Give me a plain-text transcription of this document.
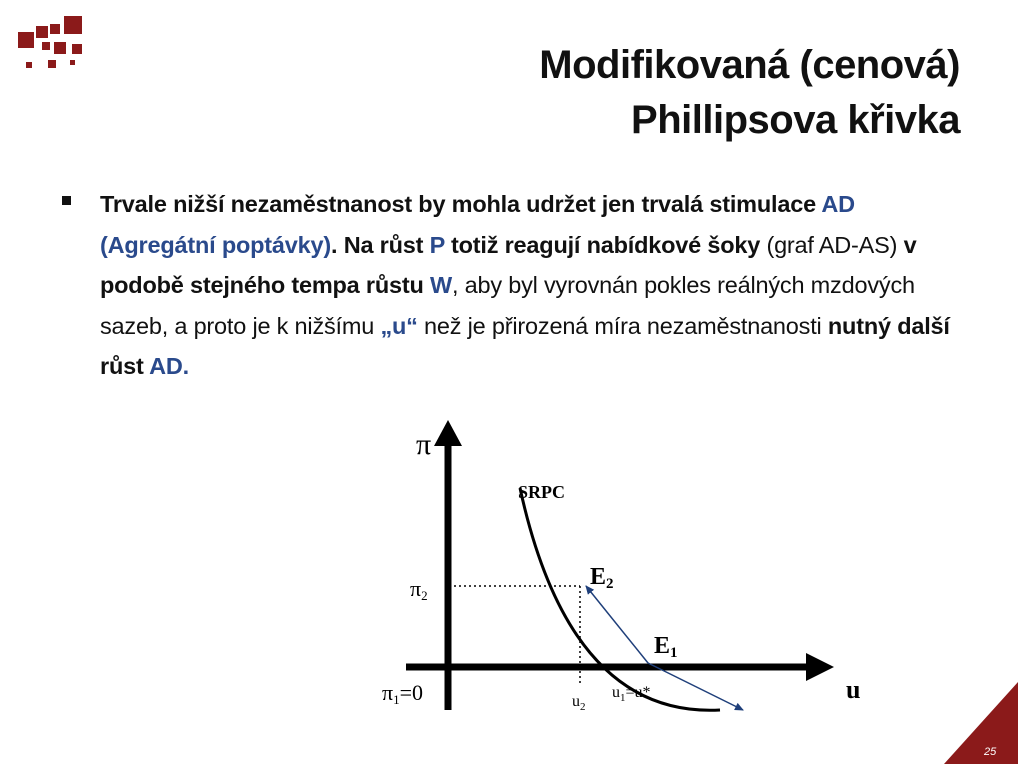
Modifikovaná (cenová)
Phillipsova křivka
Trvale nižší nezaměstnanost by mohla udržet jen trvalá stimulace AD (Agregátní poptávky). Na růst P totiž reagují nabídkové šoky (graf AD-AS) v podobě stejného tempa růstu W, aby byl vyrovnán pokles reálných mzdových sazeb, a proto je k nižšímu „u“ než je přirozená míra nezaměstnanosti nutný další růst AD.
π
u
SRPC
π2
π1=0	$u_2$
$u_1=u*$
E2
E1
25
